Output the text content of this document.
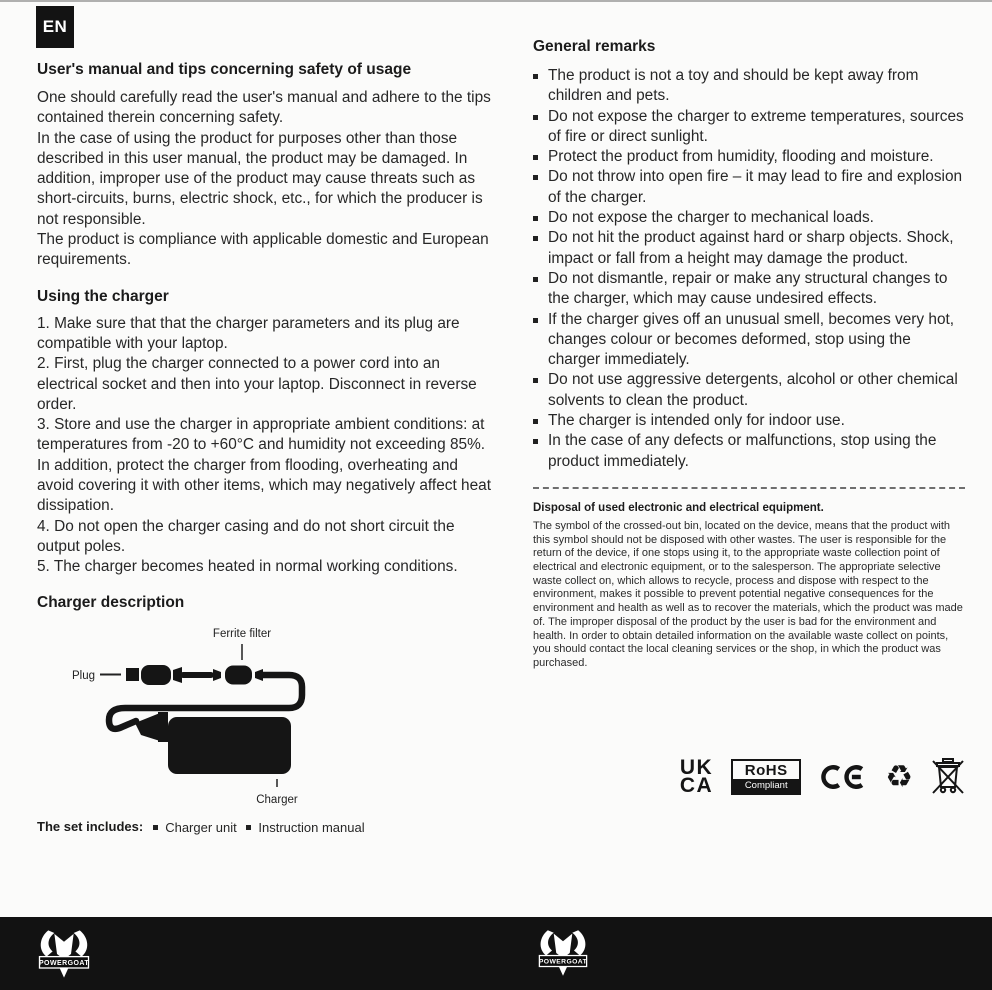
EN
User's manual and tips concerning safety of usage
One should carefully read the user's manual and adhere to the tips contained therein concerning safety.
In the case of using the product for purposes other than those described in this user manual, the product may be damaged. In addition, improper use of the product may cause threats such as short-circuits, burns, electric shock, etc., for which the producer is not responsible.
The product is compliance with applicable domestic and European requirements.
Using the charger
1. Make sure that that the charger parameters and its plug are compatible with your laptop.
2. First, plug the charger connected to a power cord into an electrical socket and then into your laptop. Disconnect in reverse order.
3. Store and use the charger in appropriate ambient conditions: at temperatures from -20 to +60°C and humidity not exceeding 85%. In addition, protect the charger from flooding, overheating and avoid covering it with other items, which may negatively affect heat dissipation.
4. Do not open the charger casing and do not short circuit the output poles.
5. The charger becomes heated in normal working conditions.
Charger description
Ferrite filter
Plug
Charger
The set includes: Charger unit
Instruction manual
General remarks
The product is not a toy and should be kept away from children and pets.
Do not expose the charger to extreme temperatures, sources of fire or direct sunlight.
Protect the product from humidity, flooding and moisture.
Do not throw into open fire – it may lead to fire and explosion of the charger.
Do not expose the charger to mechanical loads.
Do not hit the product against hard or sharp objects. Shock, impact or fall from a height may damage the product.
Do not dismantle, repair or make any structural changes to the charger, which may cause undesired effects.
If the charger gives off an unusual smell, becomes very hot, changes colour or becomes deformed, stop using the charger immediately.
Do not use aggressive detergents, alcohol or other chemical solvents to clean the product.
The charger is intended only for indoor use.
In the case of any defects or malfunctions, stop using the product immediately.
Disposal of used electronic and electrical equipment.

The symbol of the crossed-out bin, located on the device, means that the product with this symbol should not be disposed with other wastes. The user is responsible for the return of the device, if one stops using it, to the appropriate waste collection point of electrical and electronic equipment, or to the salesperson. The appropriate selective waste collect on, which allows to recycle, process and dispose with respect to the environment, makes it possible to prevent potential negative consequences for the environment and health as well as to recover the materials, which the product was made of. The improper disposal of the product by the user is bad for the environment and health. In order to obtain detailed information on the available waste collect on points, you should contact the local cleaning services or the shop, in which the product was purchased.

UK
CA
RoHS
Compliant	♻
POWERGOAT	POWERGOAT
